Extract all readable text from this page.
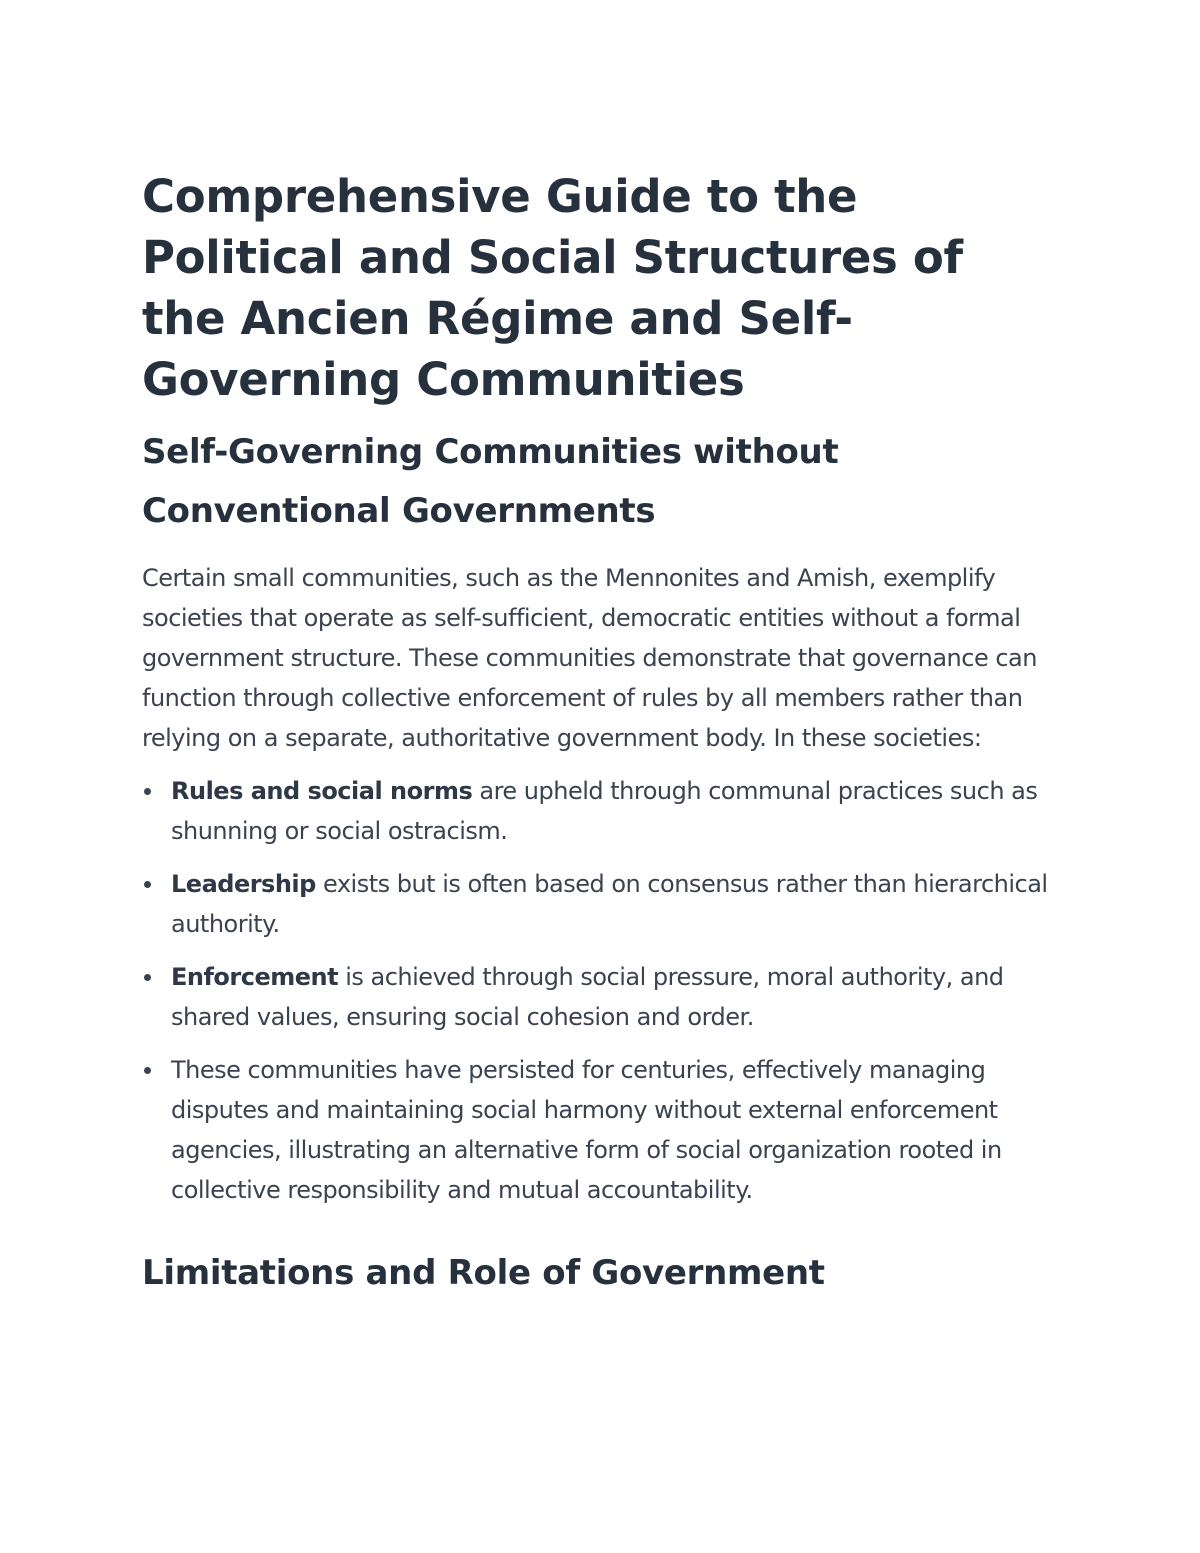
Comprehensive Guide to the Political and Social Structures of the Ancien Régime and Self-Governing Communities
Self-Governing Communities without Conventional Governments

Certain small communities, such as the Mennonites and Amish, exemplify societies that operate as self-sufficient, democratic entities without a formal government structure. These communities demonstrate that governance can function through collective enforcement of rules by all members rather than relying on a separate, authoritative government body. In these societies:

Rules and social norms are upheld through communal practices such as shunning or social ostracism.
Leadership exists but is often based on consensus rather than hierarchical authority.
Enforcement is achieved through social pressure, moral authority, and shared values, ensuring social cohesion and order.
These communities have persisted for centuries, effectively managing disputes and maintaining social harmony without external enforcement agencies, illustrating an alternative form of social organization rooted in collective responsibility and mutual accountability.
Limitations and Role of Government
